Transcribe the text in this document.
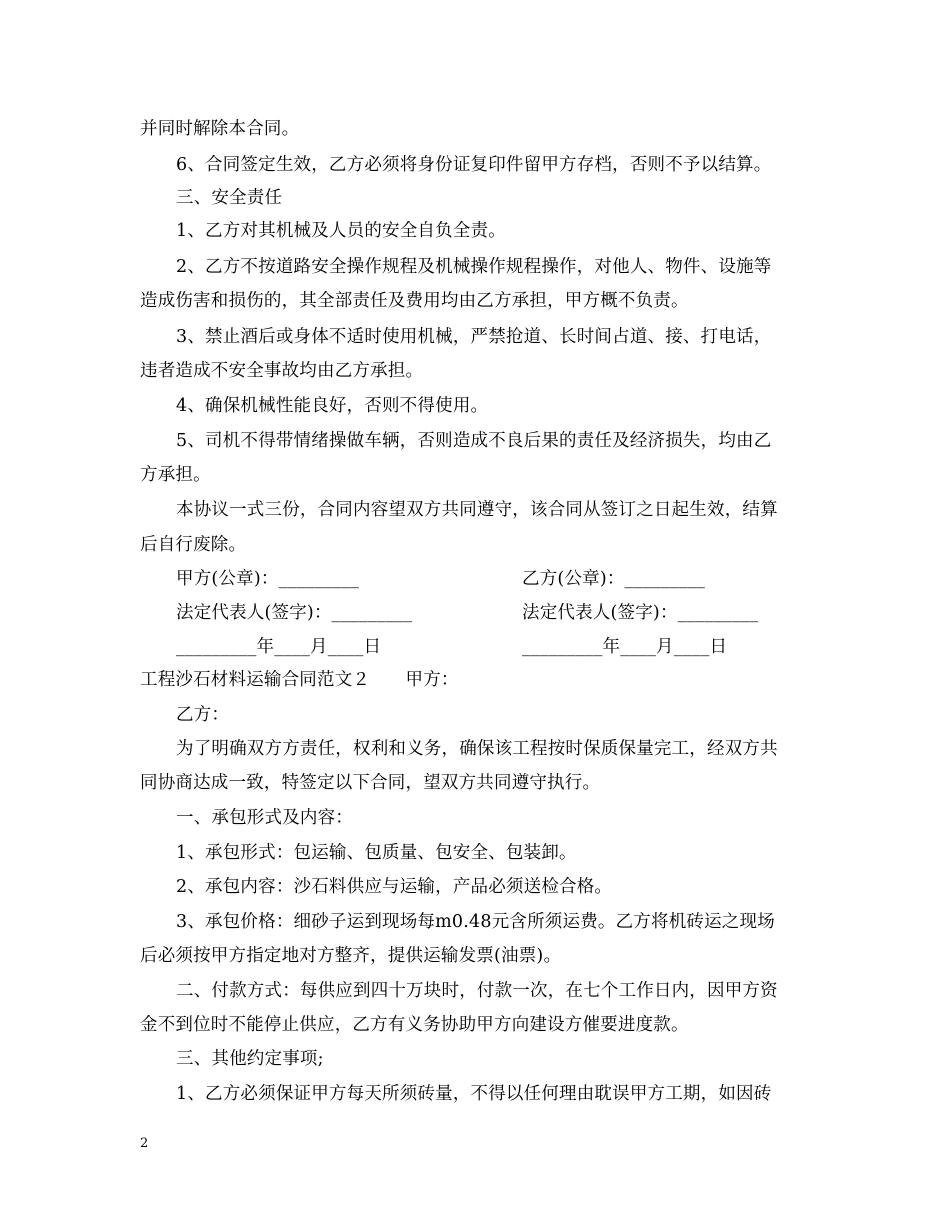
并同时解除本合同。
6、合同签定生效，乙方必须将身份证复印件留甲方存档，否则不予以结算。
三、安全责任
1、乙方对其机械及人员的安全自负全责。
2、乙方不按道路安全操作规程及机械操作规程操作，对他人、物件、设施等
造成伤害和损伤的，其全部责任及费用均由乙方承担，甲方概不负责。
3、禁止酒后或身体不适时使用机械，严禁抢道、长时间占道、接、打电话，
违者造成不安全事故均由乙方承担。
4、确保机械性能良好，否则不得使用。
5、司机不得带情绪操做车辆，否则造成不良后果的责任及经济损失，均由乙
方承担。
本协议一式三份，合同内容望双方共同遵守，该合同从签订之日起生效，结算
后自行废除。
甲方(公章)：_________	乙方(公章)：_________
法定代表人(签字)：_________	法定代表人(签字)：_________
_________年____月____日	_________年____月____日
工程沙石材料运输合同范文２　　甲方：
乙方：
为了明确双方方责任，权利和义务，确保该工程按时保质保量完工，经双方共
同协商达成一致，特签定以下合同，望双方共同遵守执行。
一、承包形式及内容：
1、承包形式：包运输、包质量、包安全、包装卸。
2、承包内容：沙石料供应与运输，产品必须送检合格。
3、承包价格：细砂子运到现场每m0.48元含所须运费。乙方将机砖运之现场
后必须按甲方指定地对方整齐，提供运输发票(油票)。
二、付款方式：每供应到四十万块时，付款一次，在七个工作日内，因甲方资
金不到位时不能停止供应，乙方有义务协助甲方向建设方催要进度款。
三、其他约定事项;
1、乙方必须保证甲方每天所须砖量，不得以任何理由耽误甲方工期，如因砖
2
